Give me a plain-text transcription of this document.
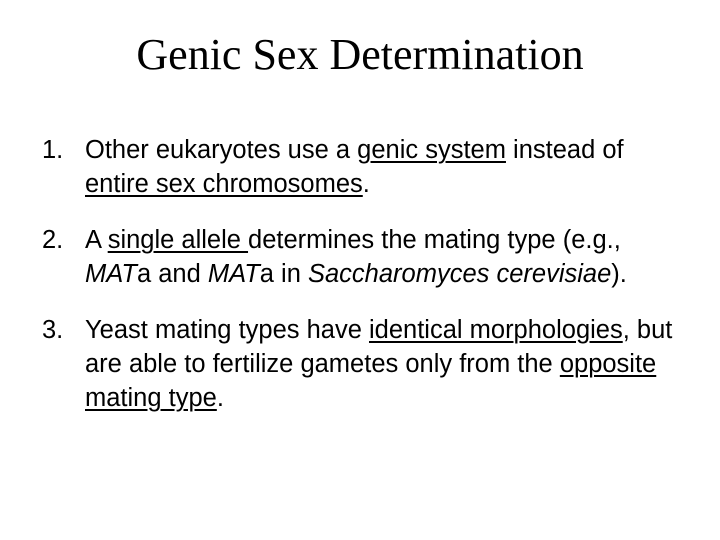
Genic Sex Determination
1. Other eukaryotes use a genic system instead of entire sex chromosomes.
2. A single allele determines the mating type (e.g., MATa and MATa in Saccharomyces cerevisiae).
3. Yeast mating types have identical morphologies, but are able to fertilize gametes only from the opposite mating type.
